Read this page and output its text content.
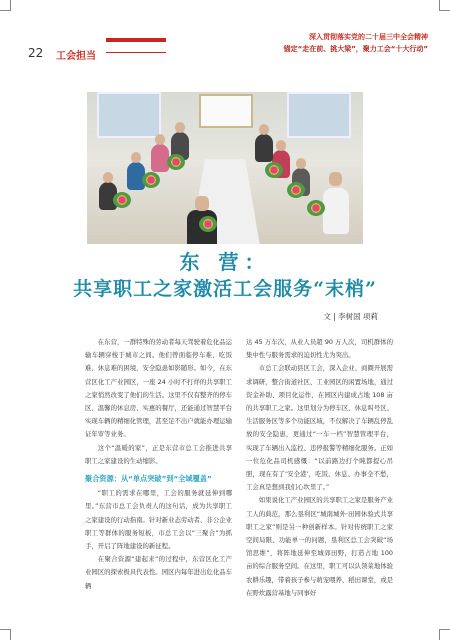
22 工会担当
深入贯彻落实党的二十届三中全会精神
锚定“走在前、挑大梁”，聚力工会“十大行动”
东 营：
共享职工之家激活工会服务“末梢”
文 | 李树国 项莉

在东营，一群特殊的劳动者每天驾驶着危化品运输车辆穿梭于城市之间。他们曾面临停车难、吃饭难、休息难的困境，安全隐患如影随形。如今，在东营区化工产业园区，一座 24 小时不打烊的共享职工之家悄然改变了他们的生活。这里不仅有整齐的停车区、温馨的休息房、实惠的餐厅，还能通过智慧平台实现车辆的精细化管理，甚至足不出户就能办理运输证年审等业务。

这个“温暖的家”，正是东营市总工会推进共享职工之家建设的生动缩影。

聚合资源：从“单点突破”到“全域覆盖”

“职工的需求在哪里，工会的服务就延伸到哪里。”东营市总工会负责人的这句话，成为共享职工之家建设的行动指南。针对新业态劳动者、非公企业职工等群体的服务短板，市总工会以“三聚合”为抓手，开启了阵地建设的新征程。

在聚合资源“建起来”的过程中，东营区化工产业园区的探索极具代表性。园区内每年进出危化品车辆

达 45 万车次，从业人员超 90 万人次，司机群体的集中性与服务需求的迫切性尤为突出。

市总工会联动县区工会，深入企业、商圈开展需求调研，整合街道社区、工业园区的闲置场地，通过资金补助、项目化运作，在园区内建成占地 108 亩的共享职工之家。这里划分为停车区、休息叫号区、生活服务区等多个功能区域，不仅解决了车辆乱停乱放的安全隐患，更通过“一车一档”智慧管理平台，实现了车辆出入监控、违停报警等精细化服务。正如一位危化品司机感慨：“以前路边打个盹都提心吊胆，现在有了‘安全港’，吃饭、休息、办事全不愁，工会真是想到我们心坎里了。”

如果说化工产业园区的共享职工之家是服务产业工人的典范，那么垦利区“城南城外·田园休验式共享职工之家”则是另一种创新样本。针对传统职工之家空间局限、功能单一的问题，垦利区总工会突破“场馆思维”，将阵地延伸至城郊田野，打造占地 100 亩的综合服务空间。在这里，职工可以认领菜地体验农耕乐趣，带着孩子参与萌宠喂养、稻田课堂，或是在野炊露营基地与同事好
